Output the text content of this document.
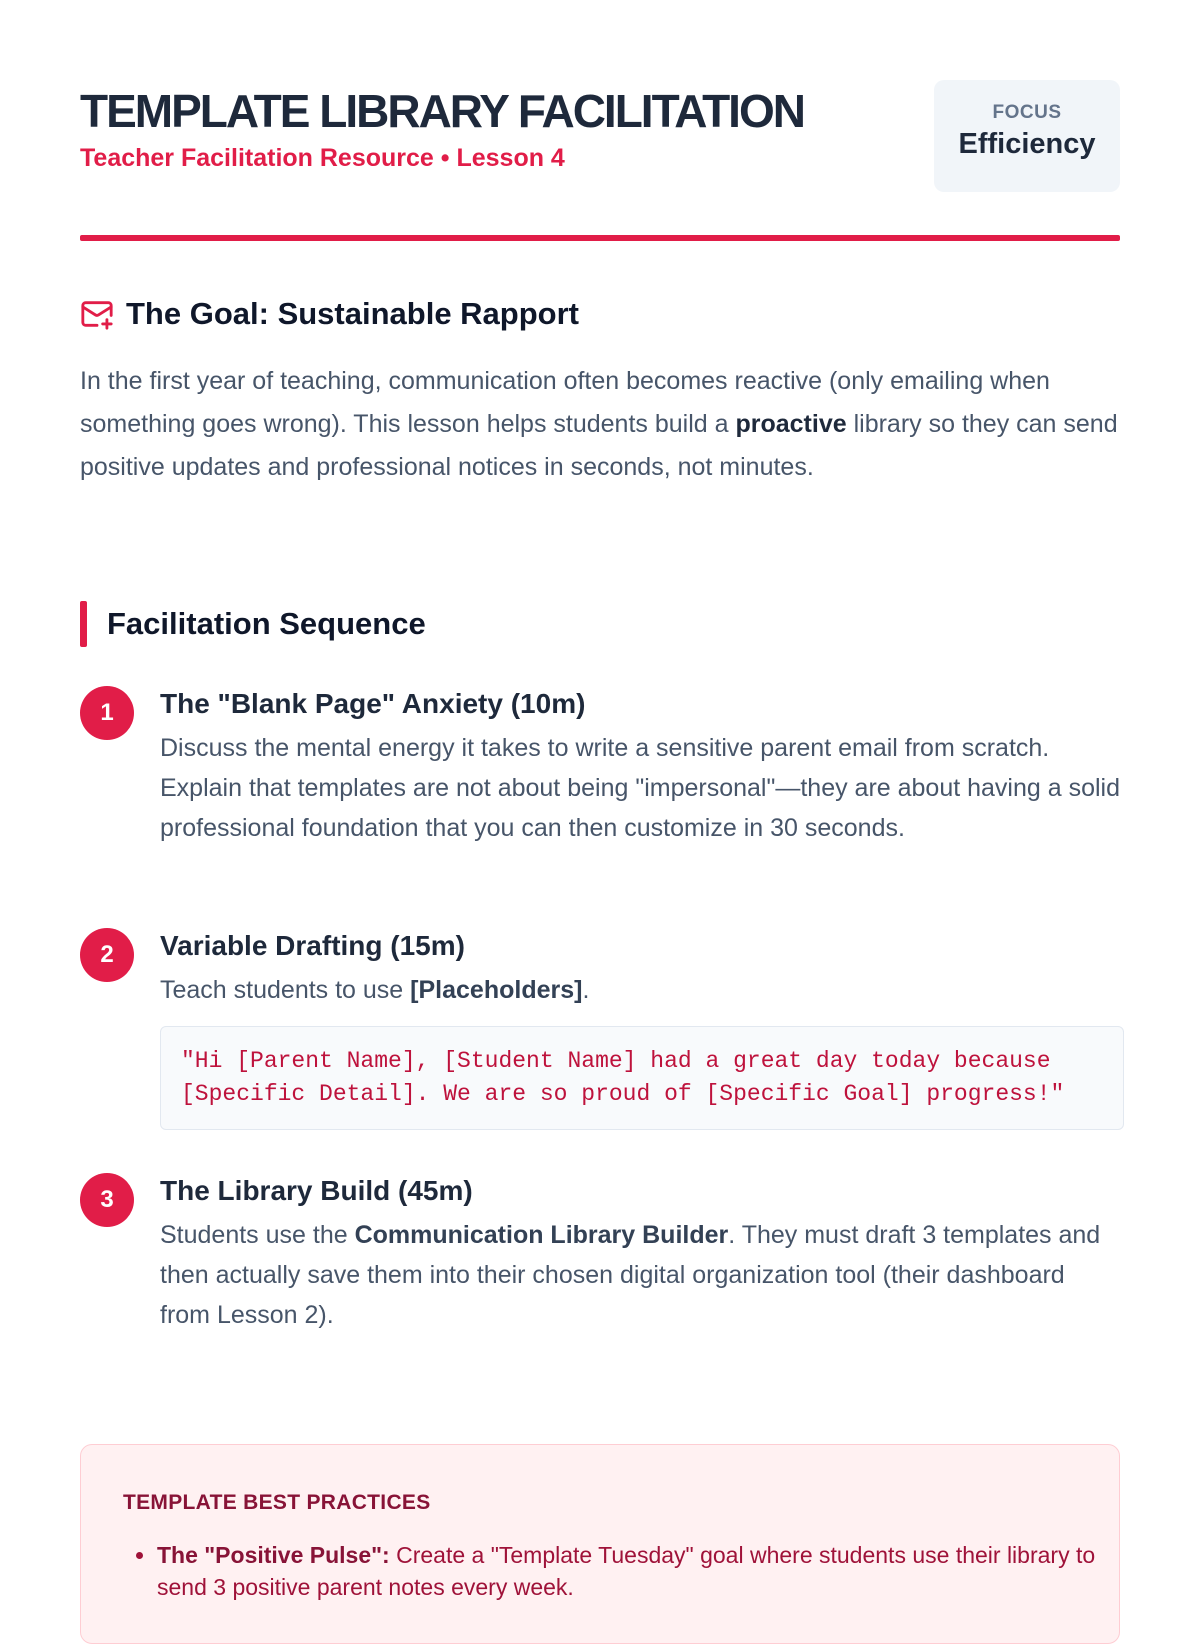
TEMPLATE LIBRARY FACILITATION

Teacher Facilitation Resource • Lesson 4

FOCUS
Efficiency
The Goal: Sustainable Rapport

In the first year of teaching, communication often becomes reactive (only emailing when something goes wrong). This lesson helps students build a proactive library so they can send positive updates and professional notices in seconds, not minutes.

Facilitation Sequence
1	The "Blank Page" Anxiety (10m)

Discuss the mental energy it takes to write a sensitive parent email from scratch. Explain that templates are not about being "impersonal"—they are about having a solid professional foundation that you can then customize in 30 seconds.

2	Variable Drafting (15m)

Teach students to use [Placeholders].

"Hi [Parent Name], [Student Name] had a great day today because [Specific Detail]. We are so proud of [Specific Goal] progress!"
3	The Library Build (45m)

Students use the Communication Library Builder. They must draft 3 templates and then actually save them into their chosen digital organization tool (their dashboard from Lesson 2).

TEMPLATE BEST PRACTICES
• The "Positive Pulse": Create a "Template Tuesday" goal where students use their library to send 3 positive parent notes every week.
